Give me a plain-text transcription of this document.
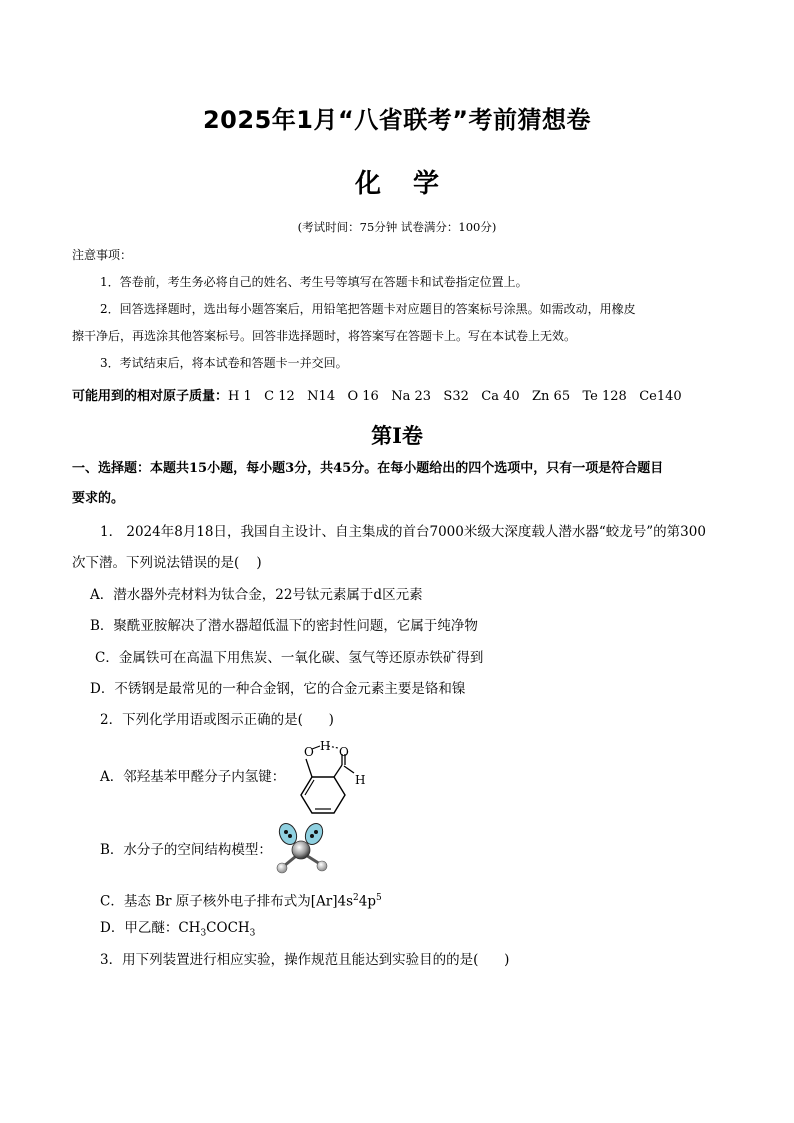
2025年1月“八省联考”考前猜想卷
化 学
(考试时间：75分钟 试卷满分：100分)
注意事项：
1．答卷前，考生务必将自己的姓名、考生号等填写在答题卡和试卷指定位置上。
2．回答选择题时，选出每小题答案后，用铅笔把答题卡对应题目的答案标号涂黑。如需改动，用橡皮
擦干净后，再选涂其他答案标号。回答非选择题时，将答案写在答题卡上。写在本试卷上无效。
3．考试结束后，将本试卷和答题卡一并交回。
可能用到的相对原子质量：H 1   C 12   N14   O 16   Na 23   S32   Ca 40   Zn 65   Te 128   Ce140
第I卷
一、选择题：本题共15小题，每小题3分，共45分。在每小题给出的四个选项中，只有一项是符合题目
要求的。
1． 2024年8月18日，我国自主设计、自主集成的首台7000米级大深度载人潜水器“蛟龙号”的第300
次下潜。下列说法错误的是(    )
A．潜水器外壳材料为钛合金，22号钛元素属于d区元素
B．聚酰亚胺解决了潜水器超低温下的密封性问题，它属于纯净物
C．金属铁可在高温下用焦炭、一氧化碳、氢气等还原赤铁矿得到
D．不锈钢是最常见的一种合金钢，它的合金元素主要是铬和镍
2．下列化学用语或图示正确的是(      )
A．邻羟基苯甲醛分子内氢键：
O H O
H
B．水分子的空间结构模型：
C．基态 Br 原子核外电子排布式为$[Ar]4s^24p^5$
D．甲乙醚：$CH_3COCH_3$
3．用下列装置进行相应实验，操作规范且能达到实验目的的是(      )
